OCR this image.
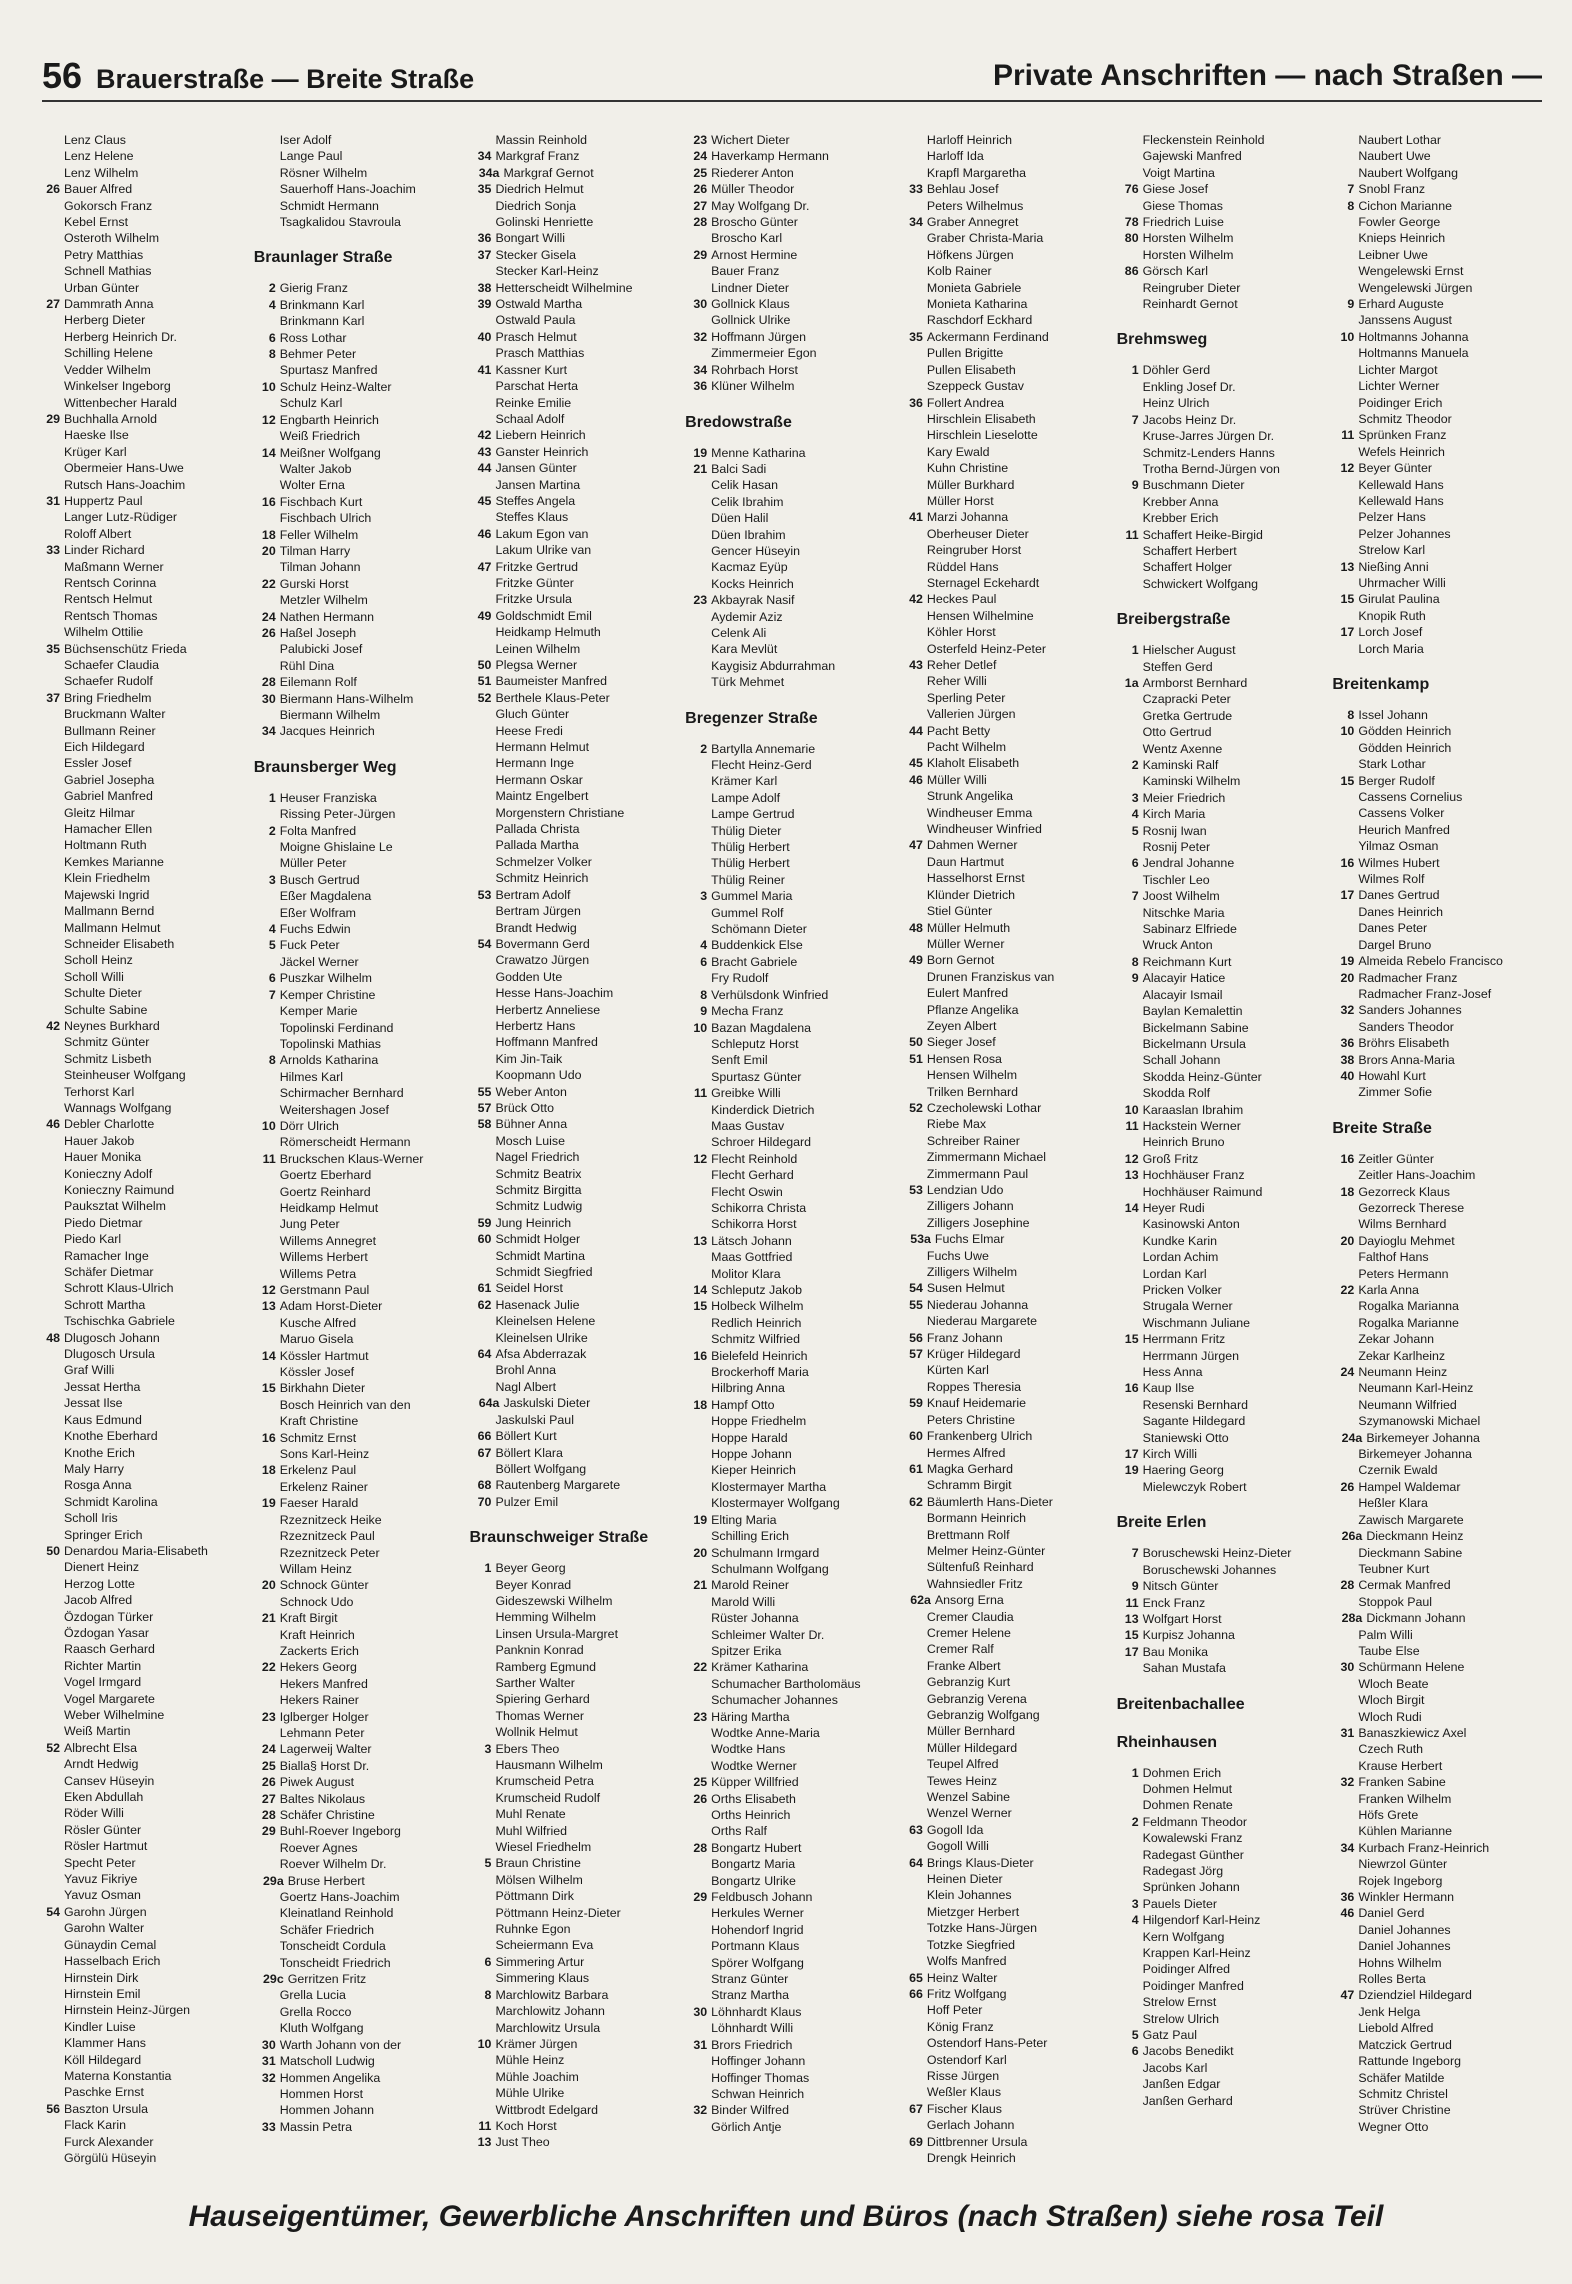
56 Brauerstraße — Breite Straße	Private Anschriften — nach Straßen —
Lenz Claus
Lenz Helene
Lenz Wilhelm
26 Bauer Alfred
Gokorsch Franz
Kebel Ernst
Osteroth Wilhelm
Petry Matthias
Schnell Mathias
Urban Günter
27 Dammrath Anna
Herberg Dieter
Herberg Heinrich Dr.
Schilling Helene
Vedder Wilhelm
Winkelser Ingeborg
Wittenbecher Harald
29 Buchhalla Arnold
Haeske Ilse
Krüger Karl
Obermeier Hans-Uwe
Rutsch Hans-Joachim
31 Huppertz Paul
Langer Lutz-Rüdiger
Roloff Albert
33 Linder Richard
Maßmann Werner
Rentsch Corinna
Rentsch Helmut
Rentsch Thomas
Wilhelm Ottilie
35 Büchsenschütz Frieda
Schaefer Claudia
Schaefer Rudolf
37 Bring Friedhelm
Bruckmann Walter
Bullmann Reiner
Eich Hildegard
Essler Josef
Gabriel Josepha
Gabriel Manfred
Gleitz Hilmar
Hamacher Ellen
Holtmann Ruth
Kemkes Marianne
Klein Friedhelm
Majewski Ingrid
Mallmann Bernd
Mallmann Helmut
Schneider Elisabeth
Scholl Heinz
Scholl Willi
Schulte Dieter
Schulte Sabine
42 Neynes Burkhard
Schmitz Günter
Schmitz Lisbeth
Steinheuser Wolfgang
Terhorst Karl
Wannags Wolfgang
46 Debler Charlotte
Hauer Jakob
Hauer Monika
Konieczny Adolf
Konieczny Raimund
Pauksztat Wilhelm
Piedo Dietmar
Piedo Karl
Ramacher Inge
Schäfer Dietmar
Schrott Klaus-Ulrich
Schrott Martha
Tschischka Gabriele
48 Dlugosch Johann
Dlugosch Ursula
Graf Willi
Jessat Hertha
Jessat Ilse
Kaus Edmund
Knothe Eberhard
Knothe Erich
Maly Harry
Rosga Anna
Schmidt Karolina
Scholl Iris
Springer Erich
50 Denardou Maria-Elisabeth
Dienert Heinz
Herzog Lotte
Jacob Alfred
Özdogan Türker
Özdogan Yasar
Raasch Gerhard
Richter Martin
Vogel Irmgard
Vogel Margarete
Weber Wilhelmine
Weiß Martin
52 Albrecht Elsa
Arndt Hedwig
Cansev Hüseyin
Eken Abdullah
Röder Willi
Rösler Günter
Rösler Hartmut
Specht Peter
Yavuz Fikriye
Yavuz Osman
54 Garohn Jürgen
Garohn Walter
Günaydin Cemal
Hasselbach Erich
Hirnstein Dirk
Hirnstein Emil
Hirnstein Heinz-Jürgen
Kindler Luise
Klammer Hans
Köll Hildegard
Materna Konstantia
Paschke Ernst
56 Baszton Ursula
Flack Karin
Furck Alexander
Görgülü Hüseyin
Iser Adolf
Lange Paul
Rösner Wilhelm
Sauerhoff Hans-Joachim
Schmidt Hermann
Tsagkalidou Stavroula
Braunlager Straße
2 Gierig Franz
4 Brinkmann Karl
Brinkmann Karl
6 Ross Lothar
8 Behmer Peter
Spurtasz Manfred
10 Schulz Heinz-Walter
Schulz Karl
12 Engbarth Heinrich
Weiß Friedrich
14 Meißner Wolfgang
Walter Jakob
Wolter Erna
16 Fischbach Kurt
Fischbach Ulrich
18 Feller Wilhelm
20 Tilman Harry
Tilman Johann
22 Gurski Horst
Metzler Wilhelm
24 Nathen Hermann
26 Haßel Joseph
Palubicki Josef
Rühl Dina
28 Eilemann Rolf
30 Biermann Hans-Wilhelm
Biermann Wilhelm
34 Jacques Heinrich
Braunsberger Weg
1 Heuser Franziska
Rissing Peter-Jürgen
2 Folta Manfred
Moigne Ghislaine Le
Müller Peter
3 Busch Gertrud
Eßer Magdalena
Eßer Wolfram
4 Fuchs Edwin
5 Fuck Peter
Jäckel Werner
6 Puszkar Wilhelm
7 Kemper Christine
Kemper Marie
Topolinski Ferdinand
Topolinski Mathias
8 Arnolds Katharina
Hilmes Karl
Schirmacher Bernhard
Weitershagen Josef
10 Dörr Ulrich
Römerscheidt Hermann
11 Bruckschen Klaus-Werner
Goertz Eberhard
Goertz Reinhard
Heidkamp Helmut
Jung Peter
Willems Annegret
Willems Herbert
Willems Petra
12 Gerstmann Paul
13 Adam Horst-Dieter
Kusche Alfred
Maruo Gisela
14 Kössler Hartmut
Kössler Josef
15 Birkhahn Dieter
Bosch Heinrich van den
Kraft Christine
16 Schmitz Ernst
Sons Karl-Heinz
18 Erkelenz Paul
Erkelenz Rainer
19 Faeser Harald
Rzeznitzeck Heike
Rzeznitzeck Paul
Rzeznitzeck Peter
Willam Heinz
20 Schnock Günter
Schnock Udo
21 Kraft Birgit
Kraft Heinrich
Zackerts Erich
22 Hekers Georg
Hekers Manfred
Hekers Rainer
23 Iglberger Holger
Lehmann Peter
24 Lagerweij Walter
25 Bialla§ Horst Dr.
26 Piwek August
27 Baltes Nikolaus
28 Schäfer Christine
29 Buhl-Roever Ingeborg
Roever Agnes
Roever Wilhelm Dr.
29a Bruse Herbert
Goertz Hans-Joachim
Kleinatland Reinhold
Schäfer Friedrich
Tonscheidt Cordula
Tonscheidt Friedrich
29c Gerritzen Fritz
Grella Lucia
Grella Rocco
Kluth Wolfgang
30 Warth Johann von der
31 Matscholl Ludwig
32 Hommen Angelika
Hommen Horst
Hommen Johann
33 Massin Petra
Massin Reinhold
34 Markgraf Franz
34a Markgraf Gernot
35 Diedrich Helmut
Diedrich Sonja
Golinski Henriette
36 Bongart Willi
37 Stecker Gisela
Stecker Karl-Heinz
38 Hetterscheidt Wilhelmine
39 Ostwald Martha
Ostwald Paula
40 Prasch Helmut
Prasch Matthias
41 Kassner Kurt
Parschat Herta
Reinke Emilie
Schaal Adolf
42 Liebern Heinrich
43 Ganster Heinrich
44 Jansen Günter
Jansen Martina
45 Steffes Angela
Steffes Klaus
46 Lakum Egon van
Lakum Ulrike van
47 Fritzke Gertrud
Fritzke Günter
Fritzke Ursula
49 Goldschmidt Emil
Heidkamp Helmuth
Leinen Wilhelm
50 Plegsa Werner
51 Baumeister Manfred
52 Berthele Klaus-Peter
Gluch Günter
Heese Fredi
Hermann Helmut
Hermann Inge
Hermann Oskar
Maintz Engelbert
Morgenstern Christiane
Pallada Christa
Pallada Martha
Schmelzer Volker
Schmitz Heinrich
53 Bertram Adolf
Bertram Jürgen
Brandt Hedwig
54 Bovermann Gerd
Crawatzo Jürgen
Godden Ute
Hesse Hans-Joachim
Herbertz Anneliese
Herbertz Hans
Hoffmann Manfred
Kim Jin-Taik
Koopmann Udo
55 Weber Anton
57 Brück Otto
58 Bühner Anna
Mosch Luise
Nagel Friedrich
Schmitz Beatrix
Schmitz Birgitta
Schmitz Ludwig
59 Jung Heinrich
60 Schmidt Holger
Schmidt Martina
Schmidt Siegfried
61 Seidel Horst
62 Hasenack Julie
Kleinelsen Helene
Kleinelsen Ulrike
64 Afsa Abderrazak
Brohl Anna
Nagl Albert
64a Jaskulski Dieter
Jaskulski Paul
66 Böllert Kurt
67 Böllert Klara
Böllert Wolfgang
68 Rautenberg Margarete
70 Pulzer Emil
Braunschweiger Straße
1 Beyer Georg
Beyer Konrad
Gideszewski Wilhelm
Hemming Wilhelm
Linsen Ursula-Margret
Panknin Konrad
Ramberg Egmund
Sarther Walter
Spiering Gerhard
Thomas Werner
Wollnik Helmut
3 Ebers Theo
Hausmann Wilhelm
Krumscheid Petra
Krumscheid Rudolf
Muhl Renate
Muhl Wilfried
Wiesel Friedhelm
5 Braun Christine
Mölsen Wilhelm
Pöttmann Dirk
Pöttmann Heinz-Dieter
Ruhnke Egon
Scheiermann Eva
6 Simmering Artur
Simmering Klaus
8 Marchlowitz Barbara
Marchlowitz Johann
Marchlowitz Ursula
10 Krämer Jürgen
Mühle Heinz
Mühle Joachim
Mühle Ulrike
Wittbrodt Edelgard
11 Koch Horst
13 Just Theo
23 Wichert Dieter
24 Haverkamp Hermann
25 Riederer Anton
26 Müller Theodor
27 May Wolfgang Dr.
28 Broscho Günter
Broscho Karl
29 Arnost Hermine
Bauer Franz
Lindner Dieter
30 Gollnick Klaus
Gollnick Ulrike
32 Hoffmann Jürgen
Zimmermeier Egon
34 Rohrbach Horst
36 Klüner Wilhelm
Bredowstraße
19 Menne Katharina
21 Balci Sadi
Celik Hasan
Celik Ibrahim
Düen Halil
Düen Ibrahim
Gencer Hüseyin
Kacmaz Eyüp
Kocks Heinrich
23 Akbayrak Nasif
Aydemir Aziz
Celenk Ali
Kara Mevlüt
Kaygisiz Abdurrahman
Türk Mehmet
Bregenzer Straße
2 Bartylla Annemarie
Flecht Heinz-Gerd
Krämer Karl
Lampe Adolf
Lampe Gertrud
Thülig Dieter
Thülig Herbert
Thülig Herbert
Thülig Reiner
3 Gummel Maria
Gummel Rolf
Schömann Dieter
4 Buddenkick Else
6 Bracht Gabriele
Fry Rudolf
8 Verhülsdonk Winfried
9 Mecha Franz
10 Bazan Magdalena
Schleputz Horst
Senft Emil
Spurtasz Günter
11 Greibke Willi
Kinderdick Dietrich
Maas Gustav
Schroer Hildegard
12 Flecht Reinhold
Flecht Gerhard
Flecht Oswin
Schikorra Christa
Schikorra Horst
13 Lätsch Johann
Maas Gottfried
Molitor Klara
14 Schleputz Jakob
15 Holbeck Wilhelm
Redlich Heinrich
Schmitz Wilfried
16 Bielefeld Heinrich
Brockerhoff Maria
Hilbring Anna
18 Hampf Otto
Hoppe Friedhelm
Hoppe Harald
Hoppe Johann
Kieper Heinrich
Klostermayer Martha
Klostermayer Wolfgang
19 Elting Maria
Schilling Erich
20 Schulmann Irmgard
Schulmann Wolfgang
21 Marold Reiner
Marold Willi
Rüster Johanna
Schleimer Walter Dr.
Spitzer Erika
22 Krämer Katharina
Schumacher Bartholomäus
Schumacher Johannes
23 Häring Martha
Wodtke Anne-Maria
Wodtke Hans
Wodtke Werner
25 Küpper Willfried
26 Orths Elisabeth
Orths Heinrich
Orths Ralf
28 Bongartz Hubert
Bongartz Maria
Bongartz Ulrike
29 Feldbusch Johann
Herkules Werner
Hohendorf Ingrid
Portmann Klaus
Spörer Wolfgang
Stranz Günter
Stranz Martha
30 Löhnhardt Klaus
Löhnhardt Willi
31 Brors Friedrich
Hoffinger Johann
Hoffinger Thomas
Schwan Heinrich
32 Binder Wilfred
Görlich Antje
Harloff Heinrich
Harloff Ida
Krapfl Margaretha
33 Behlau Josef
Peters Wilhelmus
34 Graber Annegret
Graber Christa-Maria
Höfkens Jürgen
Kolb Rainer
Monieta Gabriele
Monieta Katharina
Raschdorf Eckhard
35 Ackermann Ferdinand
Pullen Brigitte
Pullen Elisabeth
Szeppeck Gustav
36 Follert Andrea
Hirschlein Elisabeth
Hirschlein Lieselotte
Kary Ewald
Kuhn Christine
Müller Burkhard
Müller Horst
41 Marzi Johanna
Oberheuser Dieter
Reingruber Horst
Rüddel Hans
Sternagel Eckehardt
42 Heckes Paul
Hensen Wilhelmine
Köhler Horst
Osterfeld Heinz-Peter
43 Reher Detlef
Reher Willi
Sperling Peter
Vallerien Jürgen
44 Pacht Betty
Pacht Wilhelm
45 Klaholt Elisabeth
46 Müller Willi
Strunk Angelika
Windheuser Emma
Windheuser Winfried
47 Dahmen Werner
Daun Hartmut
Hasselhorst Ernst
Klünder Dietrich
Stiel Günter
48 Müller Helmuth
Müller Werner
49 Born Gernot
Drunen Franziskus van
Eulert Manfred
Pflanze Angelika
Zeyen Albert
50 Sieger Josef
51 Hensen Rosa
Hensen Wilhelm
Trilken Bernhard
52 Czecholewski Lothar
Riebe Max
Schreiber Rainer
Zimmermann Michael
Zimmermann Paul
53 Lendzian Udo
Zilligers Johann
Zilligers Josephine
53a Fuchs Elmar
Fuchs Uwe
Zilligers Wilhelm
54 Susen Helmut
55 Niederau Johanna
Niederau Margarete
56 Franz Johann
57 Krüger Hildegard
Kürten Karl
Roppes Theresia
59 Knauf Heidemarie
Peters Christine
60 Frankenberg Ulrich
Hermes Alfred
61 Magka Gerhard
Schramm Birgit
62 Bäumlerth Hans-Dieter
Bormann Heinrich
Brettmann Rolf
Melmer Heinz-Günter
Sültenfuß Reinhard
Wahnsiedler Fritz
62a Ansorg Erna
Cremer Claudia
Cremer Helene
Cremer Ralf
Franke Albert
Gebranzig Kurt
Gebranzig Verena
Gebranzig Wolfgang
Müller Bernhard
Müller Hildegard
Teupel Alfred
Tewes Heinz
Wenzel Sabine
Wenzel Werner
63 Gogoll Ida
Gogoll Willi
64 Brings Klaus-Dieter
Heinen Dieter
Klein Johannes
Mietzger Herbert
Totzke Hans-Jürgen
Totzke Siegfried
Wolfs Manfred
65 Heinz Walter
66 Fritz Wolfgang
Hoff Peter
König Franz
Ostendorf Hans-Peter
Ostendorf Karl
Risse Jürgen
Weßler Klaus
67 Fischer Klaus
Gerlach Johann
69 Dittbrenner Ursula
Drengk Heinrich
Fleckenstein Reinhold
Gajewski Manfred
Voigt Martina
76 Giese Josef
Giese Thomas
78 Friedrich Luise
80 Horsten Wilhelm
Horsten Wilhelm
86 Görsch Karl
Reingruber Dieter
Reinhardt Gernot
Brehmsweg
1 Döhler Gerd
Enkling Josef Dr.
Heinz Ulrich
7 Jacobs Heinz Dr.
Kruse-Jarres Jürgen Dr.
Schmitz-Lenders Hanns
Trotha Bernd-Jürgen von
9 Buschmann Dieter
Krebber Anna
Krebber Erich
11 Schaffert Heike-Birgid
Schaffert Herbert
Schaffert Holger
Schwickert Wolfgang
Breibergstraße
1 Hielscher August
Steffen Gerd
1a Armborst Bernhard
Czapracki Peter
Gretka Gertrude
Otto Gertrud
Wentz Axenne
2 Kaminski Ralf
Kaminski Wilhelm
3 Meier Friedrich
4 Kirch Maria
5 Rosnij Iwan
Rosnij Peter
6 Jendral Johanne
Tischler Leo
7 Joost Wilhelm
Nitschke Maria
Sabinarz Elfriede
Wruck Anton
8 Reichmann Kurt
9 Alacayir Hatice
Alacayir Ismail
Baylan Kemalettin
Bickelmann Sabine
Bickelmann Ursula
Schall Johann
Skodda Heinz-Günter
Skodda Rolf
10 Karaaslan Ibrahim
11 Hackstein Werner
Heinrich Bruno
12 Groß Fritz
13 Hochhäuser Franz
Hochhäuser Raimund
14 Heyer Rudi
Kasinowski Anton
Kundke Karin
Lordan Achim
Lordan Karl
Pricken Volker
Strugala Werner
Wischmann Juliane
15 Herrmann Fritz
Herrmann Jürgen
Hess Anna
16 Kaup Ilse
Resenski Bernhard
Sagante Hildegard
Staniewski Otto
17 Kirch Willi
19 Haering Georg
Mielewczyk Robert
Breite Erlen
7 Boruschewski Heinz-Dieter
Boruschewski Johannes
9 Nitsch Günter
11 Enck Franz
13 Wolfgart Horst
15 Kurpisz Johanna
17 Bau Monika
Sahan Mustafa
Breitenbachallee
Rheinhausen
1 Dohmen Erich
Dohmen Helmut
Dohmen Renate
2 Feldmann Theodor
Kowalewski Franz
Radegast Günther
Radegast Jörg
Sprünken Johann
3 Pauels Dieter
4 Hilgendorf Karl-Heinz
Kern Wolfgang
Krappen Karl-Heinz
Poidinger Alfred
Poidinger Manfred
Strelow Ernst
Strelow Ulrich
5 Gatz Paul
6 Jacobs Benedikt
Jacobs Karl
Janßen Edgar
Janßen Gerhard
Naubert Lothar
Naubert Uwe
Naubert Wolfgang
7 Snobl Franz
8 Cichon Marianne
Fowler George
Knieps Heinrich
Leibner Uwe
Wengelewski Ernst
Wengelewski Jürgen
9 Erhard Auguste
Janssens August
10 Holtmanns Johanna
Holtmanns Manuela
Lichter Margot
Lichter Werner
Poidinger Erich
Schmitz Theodor
11 Sprünken Franz
Wefels Heinrich
12 Beyer Günter
Kellewald Hans
Kellewald Hans
Pelzer Hans
Pelzer Johannes
Strelow Karl
13 Nießing Anni
Uhrmacher Willi
15 Girulat Paulina
Knopik Ruth
17 Lorch Josef
Lorch Maria
Breitenkamp
8 Issel Johann
10 Gödden Heinrich
Gödden Heinrich
Stark Lothar
15 Berger Rudolf
Cassens Cornelius
Cassens Volker
Heurich Manfred
Yilmaz Osman
16 Wilmes Hubert
Wilmes Rolf
17 Danes Gertrud
Danes Heinrich
Danes Peter
Dargel Bruno
19 Almeida Rebelo Francisco
20 Radmacher Franz
Radmacher Franz-Josef
32 Sanders Johannes
Sanders Theodor
36 Bröhrs Elisabeth
38 Brors Anna-Maria
40 Howahl Kurt
Zimmer Sofie
Breite Straße
16 Zeitler Günter
Zeitler Hans-Joachim
18 Gezorreck Klaus
Gezorreck Therese
Wilms Bernhard
20 Dayioglu Mehmet
Falthof Hans
Peters Hermann
22 Karla Anna
Rogalka Marianna
Rogalka Marianne
Zekar Johann
Zekar Karlheinz
24 Neumann Heinz
Neumann Karl-Heinz
Neumann Wilfried
Szymanowski Michael
24a Birkemeyer Johanna
Birkemeyer Johanna
Czernik Ewald
26 Hampel Waldemar
Heßler Klara
Zawisch Margarete
26a Dieckmann Heinz
Dieckmann Sabine
Teubner Kurt
28 Cermak Manfred
Stoppok Paul
28a Dickmann Johann
Palm Willi
Taube Else
30 Schürmann Helene
Wloch Beate
Wloch Birgit
Wloch Rudi
31 Banaszkiewicz Axel
Czech Ruth
Krause Herbert
32 Franken Sabine
Franken Wilhelm
Höfs Grete
Kühlen Marianne
34 Kurbach Franz-Heinrich
Niewrzol Günter
Rojek Ingeborg
36 Winkler Hermann
46 Daniel Gerd
Daniel Johannes
Daniel Johannes
Hohns Wilhelm
Rolles Berta
47 Dziendziel Hildegard
Jenk Helga
Liebold Alfred
Matczick Gertrud
Rattunde Ingeborg
Schäfer Matilde
Schmitz Christel
Strüver Christine
Wegner Otto
Hauseigentümer, Gewerbliche Anschriften und Büros (nach Straßen) siehe rosa Teil
